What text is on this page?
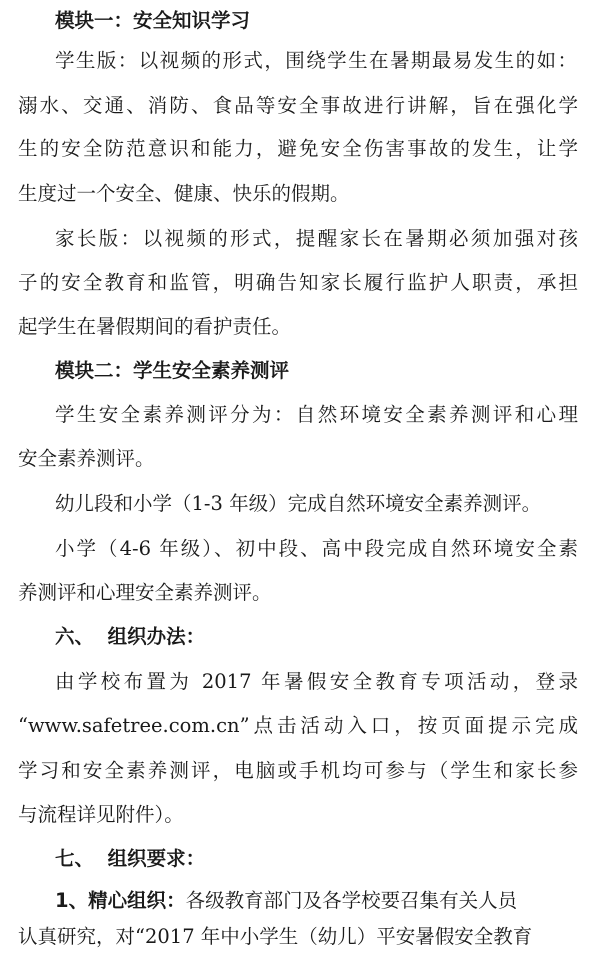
模块一：安全知识学习
学生版：以视频的形式，围绕学生在暑期最易发生的如：
溺水、交通、消防、食品等安全事故进行讲解，旨在强化学
生的安全防范意识和能力，避免安全伤害事故的发生，让学
生度过一个安全、健康、快乐的假期。
家长版：以视频的形式，提醒家长在暑期必须加强对孩
子的安全教育和监管，明确告知家长履行监护人职责，承担
起学生在暑假期间的看护责任。
模块二：学生安全素养测评
学生安全素养测评分为：自然环境安全素养测评和心理
安全素养测评。
幼儿段和小学（1-3 年级）完成自然环境安全素养测评。
小学（4-6 年级）、初中段、高中段完成自然环境安全素
养测评和心理安全素养测评。
六、  组织办法：
由学校布置为 2017 年暑假安全教育专项活动，登录
“www.safetree.com.cn”点击活动入口，按页面提示完成
学习和安全素养测评，电脑或手机均可参与（学生和家长参
与流程详见附件）。
七、  组织要求：
1、精心组织：各级教育部门及各学校要召集有关人员
认真研究，对“2017 年中小学生（幼儿）平安暑假安全教育
